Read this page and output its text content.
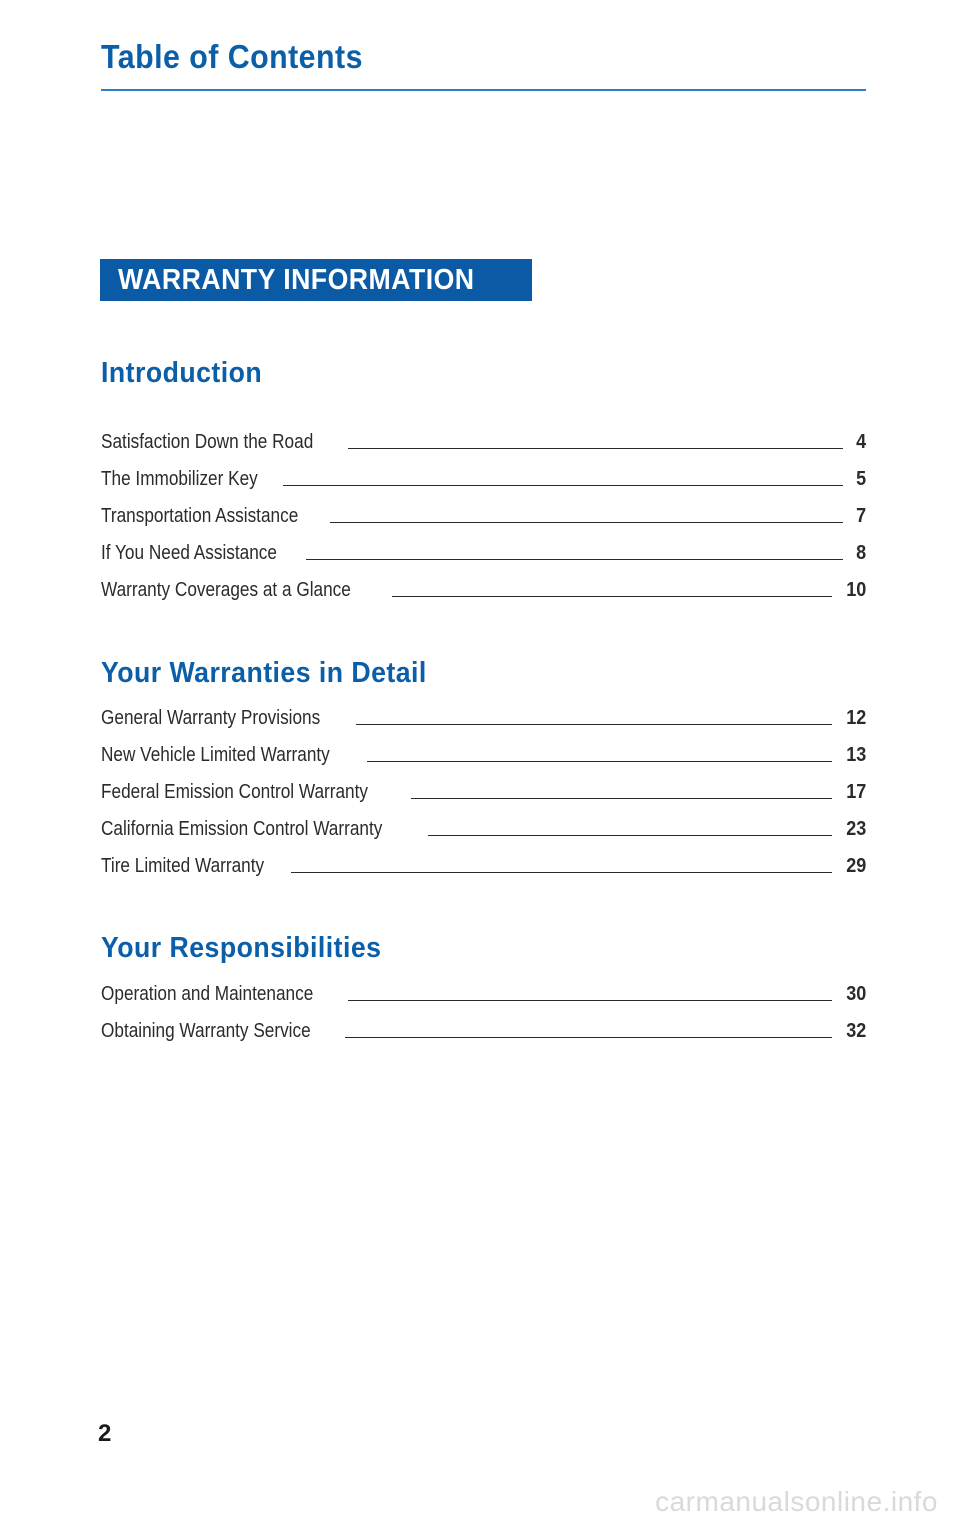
Table of Contents
WARRANTY INFORMATION
Introduction
Satisfaction Down the Road	4
The Immobilizer Key	5
Transportation Assistance	7
If You Need Assistance	8
Warranty Coverages at a Glance	10
Your Warranties in Detail
General Warranty Provisions	12
New Vehicle Limited Warranty	13
Federal Emission Control Warranty	17
California Emission Control Warranty	23
Tire Limited Warranty	29
Your Responsibilities
Operation and Maintenance	30
Obtaining Warranty Service	32
2
carmanualsonline.info
